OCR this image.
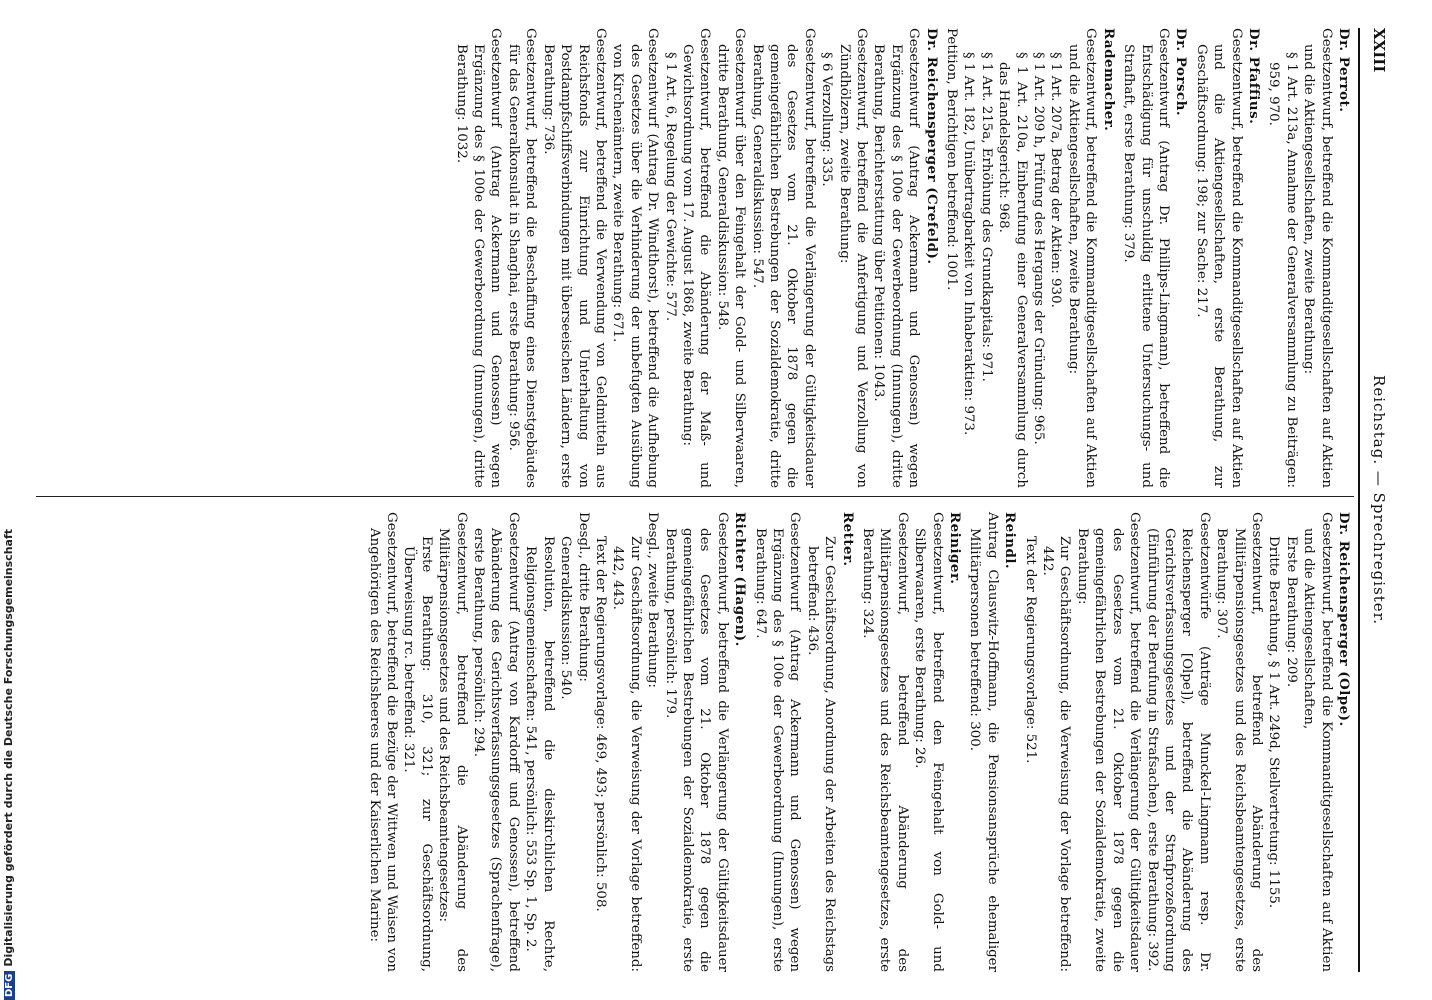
XXIII
Reichstag. — Sprechregister.
Dr. Perrot.
Gesetzentwurf, betreffend die Kommanditgesellschaften auf Aktien und die Aktiengesellschaften, zweite Berathung:
§ 1 Art. 213a, Annahme der Generalversammlung zu Beiträgen: 959, 970.
Dr. Pfaffius.
Gesetzentwurf, betreffend die Kommanditgesellschaften auf Aktien und die Aktiengesellschaften, erste Berathung, zur Geschäftsordnung: 198; zur Sache: 217.
Dr. Porsch.
Gesetzentwurf (Antrag Dr. Phillips-Lingmann), betreffend die Entschädigung für unschuldig erlittene Untersuchungs- und Strafhaft, erste Berathung: 379.
Rademacher.
Gesetzentwurf, betreffend die Kommanditgesellschaften auf Aktien und die Aktiengesellschaften, zweite Berathung:
§ 1 Art. 207a, Betrag der Aktien: 930.
§ 1 Art. 209 h, Prüfung des Hergangs der Gründung: 965.
§ 1 Art. 210a, Einberufung einer Generalversammlung durch das Handelsgericht: 968.
§ 1 Art. 215a, Erhöhung des Grundkapitals: 971.
§ 1 Art. 182, Unübertragbarkeit von Inhaberaktien: 973.
Petition, Berichtigen betreffend: 1001.
Dr. Reichensperger (Crefeld).
Gesetzentwurf (Antrag Ackermann und Genossen) wegen Ergänzung des § 100e der Gewerbeordnung (Innungen), dritte Berathung, Berichterstattung über Petitionen: 1043.
Gesetzentwurf, betreffend die Anfertigung und Verzollung von Zündhölzern, zweite Berathung:
§ 6 Verzollung: 335.
Gesetzentwurf, betreffend die Verlängerung der Gültigkeitsdauer des Gesetzes vom 21. Oktober 1878 gegen die gemeingefährlichen Bestrebungen der Sozialdemokratie, dritte Berathung, Generaldiskussion: 547.
Gesetzentwurf über den Feingehalt der Gold- und Silberwaaren, dritte Berathung, Generaldiskussion: 548.
Gesetzentwurf, betreffend die Abänderung der Maß- und Gewichtsordnung vom 17. August 1868, zweite Berathung:
§ 1 Art. 6, Regelung der Gewichte: 577.
Gesetzentwurf (Antrag Dr. Windthorst), betreffend die Aufhebung des Gesetzes über die Verhinderung der unbefugten Ausübung von Kirchenämtern, zweite Berathung: 671.
Gesetzentwurf, betreffend die Verwendung von Geldmitteln aus Reichsfonds zur Einrichtung und Unterhaltung von Postdampfschiffsverbindungen mit überseeischen Ländern, erste Berathung: 736.
Gesetzentwurf, betreffend die Beschaffung eines Dienstgebäudes für das Generalkonsulat in Shanghai, erste Berathung: 956.
Gesetzentwurf (Antrag Ackermann und Genossen) wegen Ergänzung des § 100e der Gewerbeordnung (Innungen), dritte Berathung: 1032.
Dr. Reichensperger (Olpe).
Gesetzentwurf, betreffend die Kommanditgesellschaften auf Aktien und die Aktiengesellschaften,
Erste Berathung: 209.
Dritte Berathung, § 1 Art. 249d, Stellvertretung: 1155.
Gesetzentwurf, betreffend Abänderung des Militärpensionsgesetzes und des Reichsbeamtengesetzes, erste Berathung: 307.
Gesetzentwürfe (Anträge Munckel-Lingmann resp. Dr. Reichensperger [Olpe]), betreffend die Abänderung des Gerichtsverfassungsgesetzes und der Strafprozeßordnung (Einführung der Berufung in Strafsachen), erste Berathung: 392.
Gesetzentwurf, betreffend die Verlängerung der Gültigkeitsdauer des Gesetzes vom 21. Oktober 1878 gegen die gemeingefährlichen Bestrebungen der Sozialdemokratie, zweite Berathung:
Zur Geschäftsordnung, die Verweisung der Vorlage betreffend: 442.
Text der Regierungsvorlage: 521.
Reindl.
Antrag Clauswitz-Hoffmann, die Pensionsansprüche ehemaliger Militärpersonen betreffend: 300.
Reiniger.
Gesetzentwurf, betreffend den Feingehalt von Gold- und Silberwaaren, erste Berathung: 26.
Gesetzentwurf, betreffend Abänderung des Militärpensionsgesetzes und des Reichsbeamtengesetzes, erste Berathung: 324.
Retter.
Zur Geschäftsordnung, Anordnung der Arbeiten des Reichstags betreffend: 436.
Gesetzentwurf (Antrag Ackermann und Genossen) wegen Ergänzung des § 100e der Gewerbeordnung (Innungen), erste Berathung: 647.
Richter (Hagen).
Gesetzentwurf, betreffend die Verlängerung der Gültigkeitsdauer des Gesetzes vom 21. Oktober 1878 gegen die gemeingefährlichen Bestrebungen der Sozialdemokratie, erste Berathung, persönlich: 179.
Desgl., zweite Berathung:
Zur Geschäftsordnung, die Verweisung der Vorlage betreffend: 442, 443.
Text der Regierungsvorlage: 469, 493; persönlich: 508.
Desgl., dritte Berathung:
Generaldiskussion: 540.
Resolution, betreffend die dieskirchlichen Rechte, Religionsgemeinschaften: 541, persönlich: 553 Sp. 1, Sp. 2.
Gesetzentwurf (Antrag von Kardorff und Genossen), betreffend Abänderung des Gerichtsverfassungsgesetzes (Sprachenfrage), erste Berathung, persönlich: 294.
Gesetzentwurf, betreffend die Abänderung des Militärpensionsgesetzes und des Reichsbeamtengesetzes:
Erste Berathung: 310, 321; zur Geschäftsordnung, Überweisung rc. betreffend: 321.
Gesetzentwurf, betreffend die Bezüge der Wittwen und Waisen von Angehörigen des Reichsheeres und der Kaiserlichen Marine:
DFGDigitalisierung gefördert durch die Deutsche Forschungsgemeinschaft
